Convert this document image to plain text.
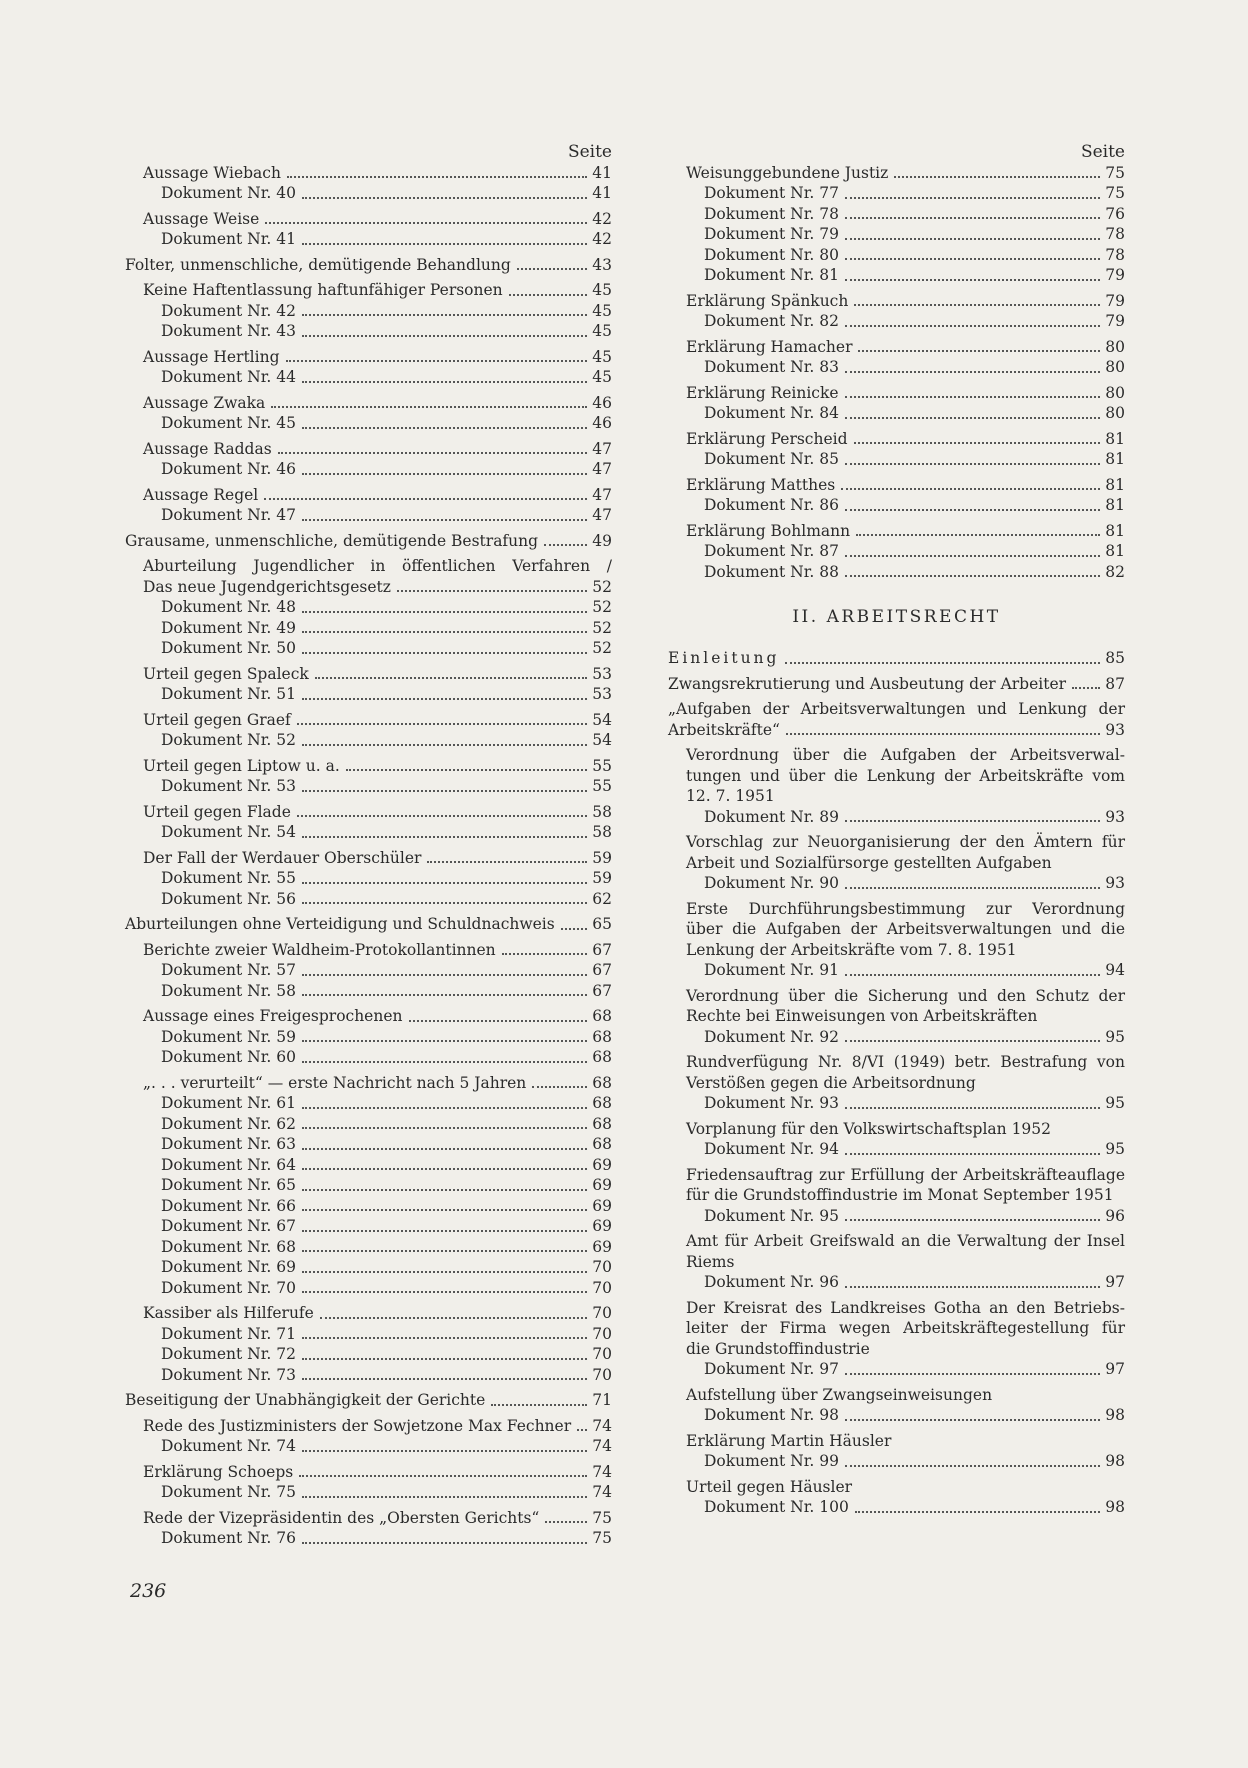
Seite
Aussage Wiebach	41
Dokument Nr. 40	41
Aussage Weise	42
Dokument Nr. 41	42
Folter, unmenschliche, demütigende Behandlung	43
Keine Haftentlassung haftunfähiger Personen	45
Dokument Nr. 42	45
Dokument Nr. 43	45
Aussage Hertling	45
Dokument Nr. 44	45
Aussage Zwaka	46
Dokument Nr. 45	46
Aussage Raddas	47
Dokument Nr. 46	47
Aussage Regel	47
Dokument Nr. 47	47
Grausame, unmenschliche, demütigende Bestrafung	49
Aburteilung Jugendlicher in öffentlichen Verfahren /
Das neue Jugendgerichtsgesetz	52
Dokument Nr. 48	52
Dokument Nr. 49	52
Dokument Nr. 50	52
Urteil gegen Spaleck	53
Dokument Nr. 51	53
Urteil gegen Graef	54
Dokument Nr. 52	54
Urteil gegen Liptow u. a.	55
Dokument Nr. 53	55
Urteil gegen Flade	58
Dokument Nr. 54	58
Der Fall der Werdauer Oberschüler	59
Dokument Nr. 55	59
Dokument Nr. 56	62
Aburteilungen ohne Verteidigung und Schuldnachweis 65
Berichte zweier Waldheim-Protokollantinnen	67
Dokument Nr. 57	67
Dokument Nr. 58	67
Aussage eines Freigesprochenen	68
Dokument Nr. 59	68
Dokument Nr. 60	68
„. . . verurteilt“ — erste Nachricht nach 5 Jahren	68
Dokument Nr. 61	68
Dokument Nr. 62	68
Dokument Nr. 63	68
Dokument Nr. 64	69
Dokument Nr. 65	69
Dokument Nr. 66	69
Dokument Nr. 67	69
Dokument Nr. 68	69
Dokument Nr. 69	70
Dokument Nr. 70	70
Kassiber als Hilferufe	70
Dokument Nr. 71	70
Dokument Nr. 72	70
Dokument Nr. 73	70
Beseitigung der Unabhängigkeit der Gerichte	71
Rede des Justizministers der Sowjetzone Max Fechner 74
Dokument Nr. 74	74
Erklärung Schoeps	74
Dokument Nr. 75	74
Rede der Vizepräsidentin des „Obersten Gerichts“	75
Dokument Nr. 76	75
Seite
Weisunggebundene Justiz	75
Dokument Nr. 77	75
Dokument Nr. 78	76
Dokument Nr. 79	78
Dokument Nr. 80	78
Dokument Nr. 81	79
Erklärung Spänkuch	79
Dokument Nr. 82	79
Erklärung Hamacher	80
Dokument Nr. 83	80
Erklärung Reinicke	80
Dokument Nr. 84	80
Erklärung Perscheid	81
Dokument Nr. 85	81
Erklärung Matthes	81
Dokument Nr. 86	81
Erklärung Bohlmann	81
Dokument Nr. 87	81
Dokument Nr. 88	82
II. ARBEITSRECHT
Einleitung	85
Zwangsrekrutierung und Ausbeutung der Arbeiter	87
„Aufgaben der Arbeitsverwaltungen und Lenkung der
Arbeitskräfte“	93
Verordnung über die Aufgaben der Arbeitsverwal-
tungen und über die Lenkung der Arbeitskräfte vom
12. 7. 1951
Dokument Nr. 89	93
Vorschlag zur Neuorganisierung der den Ämtern für
Arbeit und Sozialfürsorge gestellten Aufgaben
Dokument Nr. 90	93
Erste Durchführungsbestimmung zur Verordnung
über die Aufgaben der Arbeitsverwaltungen und die
Lenkung der Arbeitskräfte vom 7. 8. 1951
Dokument Nr. 91	94
Verordnung über die Sicherung und den Schutz der
Rechte bei Einweisungen von Arbeitskräften
Dokument Nr. 92	95
Rundverfügung Nr. 8/VI (1949) betr. Bestrafung von
Verstößen gegen die Arbeitsordnung
Dokument Nr. 93	95
Vorplanung für den Volkswirtschaftsplan 1952
Dokument Nr. 94	95
Friedensauftrag zur Erfüllung der Arbeitskräfteauflage
für die Grundstoffindustrie im Monat September 1951
Dokument Nr. 95	96
Amt für Arbeit Greifswald an die Verwaltung der Insel
Riems
Dokument Nr. 96	97
Der Kreisrat des Landkreises Gotha an den Betriebs-
leiter der Firma wegen Arbeitskräftegestellung für
die Grundstoffindustrie
Dokument Nr. 97	97
Aufstellung über Zwangseinweisungen
Dokument Nr. 98	98
Erklärung Martin Häusler
Dokument Nr. 99	98
Urteil gegen Häusler
Dokument Nr. 100	98
236
